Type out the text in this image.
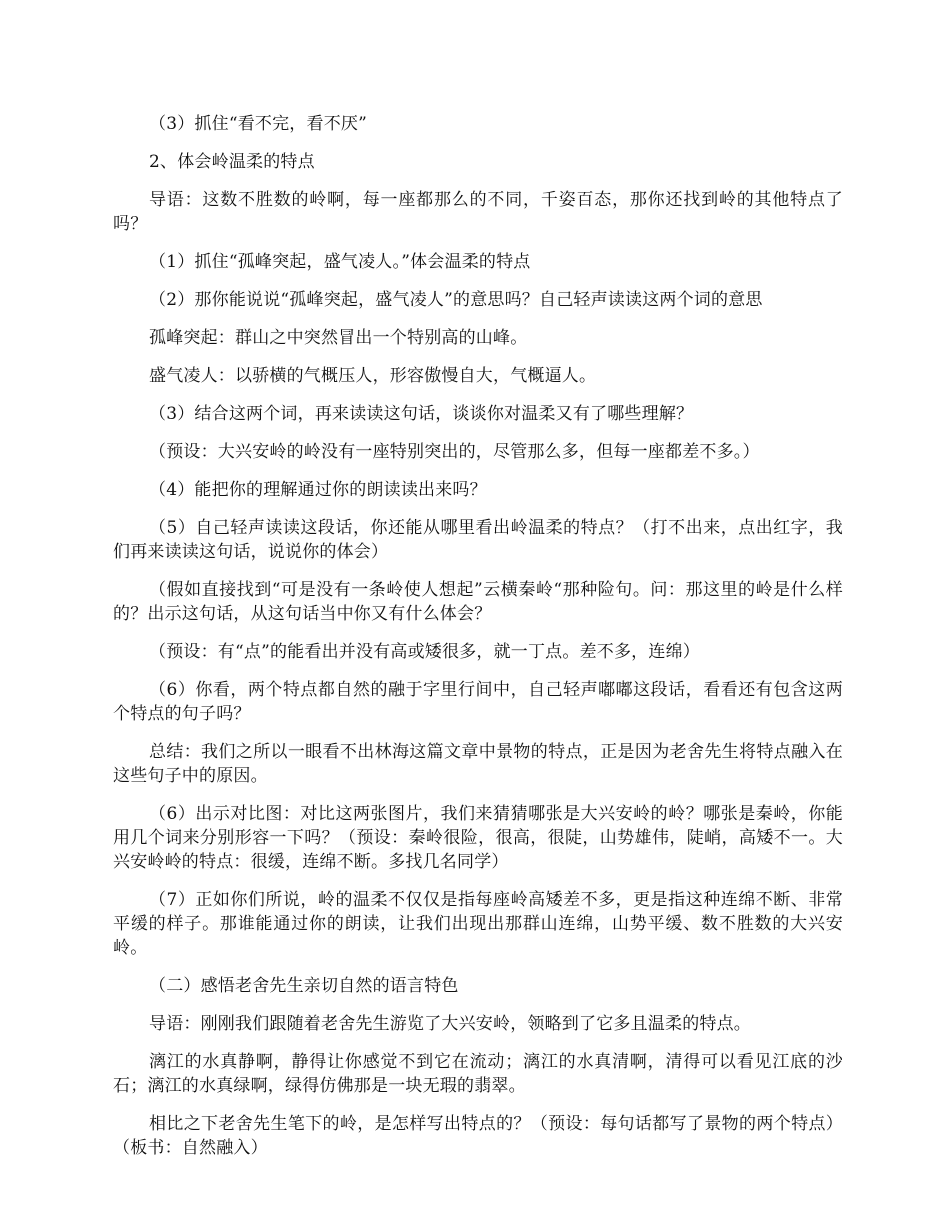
（3）抓住“看不完，看不厌”

2、体会岭温柔的特点

导语：这数不胜数的岭啊，每一座都那么的不同，千姿百态，那你还找到岭的其他特点了吗？

（1）抓住“孤峰突起，盛气凌人。”体会温柔的特点

（2）那你能说说“孤峰突起，盛气凌人”的意思吗？自己轻声读读这两个词的意思

孤峰突起：群山之中突然冒出一个特别高的山峰。

盛气凌人：以骄横的气概压人，形容傲慢自大，气概逼人。

（3）结合这两个词，再来读读这句话，谈谈你对温柔又有了哪些理解？

（预设：大兴安岭的岭没有一座特别突出的，尽管那么多，但每一座都差不多。）

（4）能把你的理解通过你的朗读读出来吗？

（5）自己轻声读读这段话，你还能从哪里看出岭温柔的特点？（打不出来，点出红字，我们再来读读这句话，说说你的体会）

（假如直接找到“可是没有一条岭使人想起”云横秦岭“那种险句。问：那这里的岭是什么样的？出示这句话，从这句话当中你又有什么体会？

（预设：有“点”的能看出并没有高或矮很多，就一丁点。差不多，连绵）

（6）你看，两个特点都自然的融于字里行间中，自己轻声嘟嘟这段话，看看还有包含这两个特点的句子吗？

总结：我们之所以一眼看不出林海这篇文章中景物的特点，正是因为老舍先生将特点融入在这些句子中的原因。

（6）出示对比图：对比这两张图片，我们来猜猜哪张是大兴安岭的岭？哪张是秦岭，你能用几个词来分别形容一下吗？（预设：秦岭很险，很高，很陡，山势雄伟，陡峭，高矮不一。大兴安岭岭的特点：很缓，连绵不断。多找几名同学）

（7）正如你们所说，岭的温柔不仅仅是指每座岭高矮差不多，更是指这种连绵不断、非常平缓的样子。那谁能通过你的朗读，让我们出现出那群山连绵，山势平缓、数不胜数的大兴安岭。

（二）感悟老舍先生亲切自然的语言特色

导语：刚刚我们跟随着老舍先生游览了大兴安岭，领略到了它多且温柔的特点。

漓江的水真静啊，静得让你感觉不到它在流动；漓江的水真清啊，清得可以看见江底的沙石；漓江的水真绿啊，绿得仿佛那是一块无瑕的翡翠。

相比之下老舍先生笔下的岭，是怎样写出特点的？（预设：每句话都写了景物的两个特点）（板书：自然融入）
